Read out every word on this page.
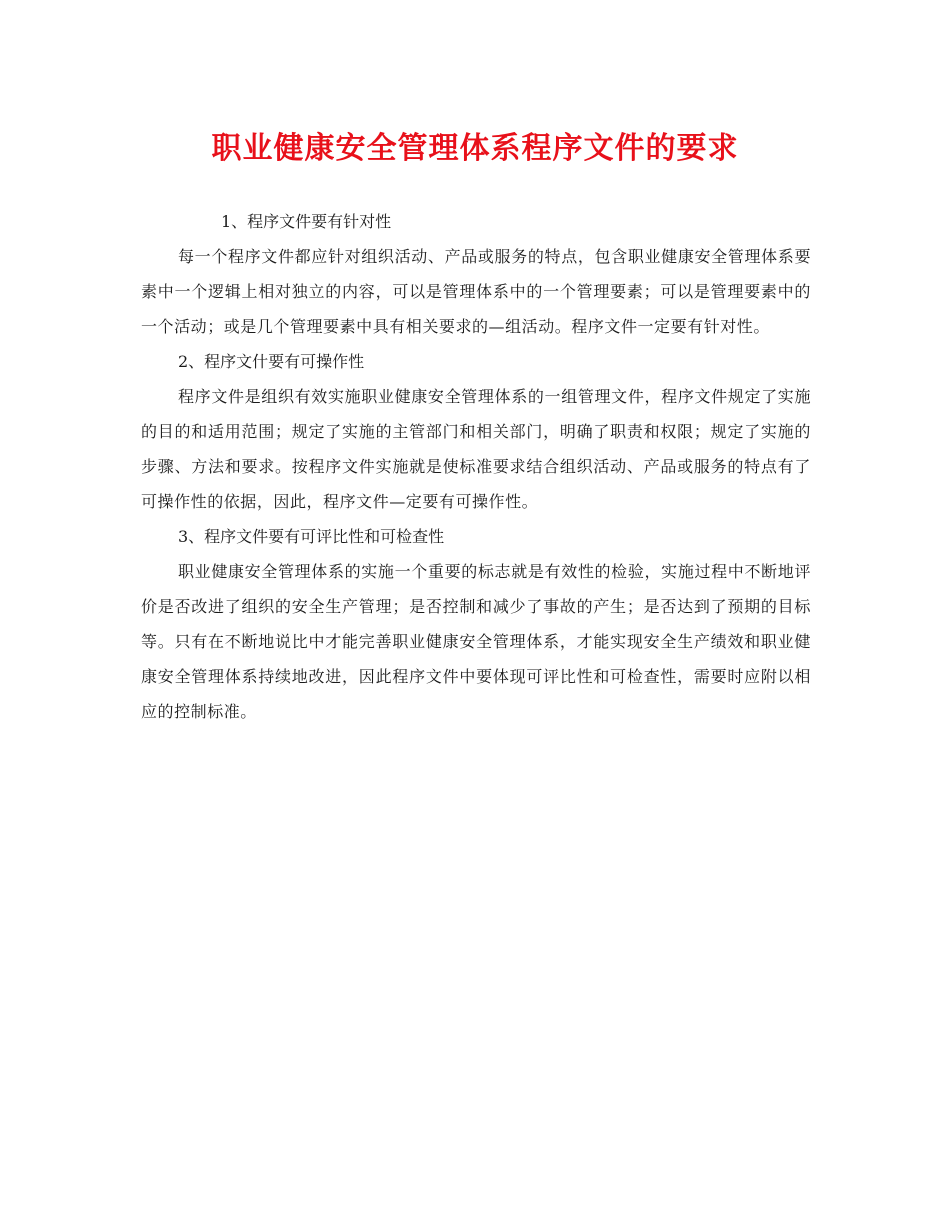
职业健康安全管理体系程序文件的要求

1、程序文件要有针对性

每一个程序文件都应针对组织活动、产品或服务的特点，包含职业健康安全管理体系要素中一个逻辑上相对独立的内容，可以是管理体系中的一个管理要素；可以是管理要素中的一个活动；或是几个管理要素中具有相关要求的—组活动。程序文件一定要有针对性。

2、程序文什要有可操作性

程序文件是组织有效实施职业健康安全管理体系的一组管理文件，程序文件规定了实施的目的和适用范围；规定了实施的主管部门和相关部门，明确了职责和权限；规定了实施的步骤、方法和要求。按程序文件实施就是使标准要求结合组织活动、产品或服务的特点有了可操作性的依据，因此，程序文件—定要有可操作性。

3、程序文件要有可评比性和可检查性

职业健康安全管理体系的实施一个重要的标志就是有效性的检验，实施过程中不断地评价是否改进了组织的安全生产管理；是否控制和减少了事故的产生；是否达到了预期的目标等。只有在不断地说比中才能完善职业健康安全管理体系，才能实现安全生产绩效和职业健康安全管理体系持续地改进，因此程序文件中要体现可评比性和可检查性，需要时应附以相应的控制标准。
